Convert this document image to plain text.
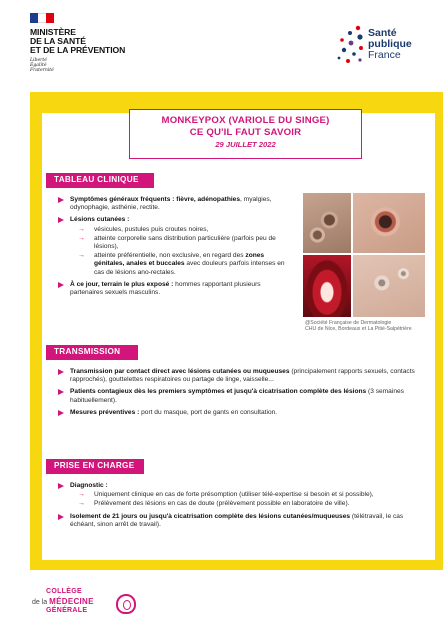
MINISTÈRE
DE LA SANTÉ
ET DE LA PRÉVENTION
Liberté
Égalité
Fraternité
Santé
publique
France
MONKEYPOX (VARIOLE DU SINGE)
CE QU'IL FAUT SAVOIR
29 JUILLET 2022
TABLEAU CLINIQUE
Symptômes généraux fréquents : fièvre, adénopathies, myalgies, odynophagie, asthénie, rectite.
Lésions cutanées :
→ vésicules, pustules puis croutes noires,
→ atteinte corporelle sans distribution particulière (parfois peu de lésions),
→ atteinte préférentielle, non exclusive, en regard des zones génitales, anales et buccales avec douleurs parfois intenses en cas de lésions ano-rectales.
À ce jour, terrain le plus exposé : hommes rapportant plusieurs partenaires sexuels masculins.
@Société Française de Dermatologie
CHU de Nice, Bordeaux et La Pitié-Salpétrière
TRANSMISSION
Transmission par contact direct avec lésions cutanées ou muqueuses (principalement rapports sexuels, contacts rapprochés), gouttelettes respiratoires ou partage de linge, vaisselle...
Patients contagieux dès les premiers symptômes et jusqu'à cicatrisation complète des lésions (3 semaines habituellement).
Mesures préventives : port du masque, port de gants en consultation.
PRISE EN CHARGE
Diagnostic :
→ Uniquement clinique en cas de forte présomption (utiliser télé-expertise si besoin et si possible),
→ Prélèvement des lésions en cas de doute (prélèvement possible en laboratoire de ville).
Isolement de 21 jours ou jusqu'à cicatrisation complète des lésions cutanées/muqueuses (télétravail, le cas échéant, sinon arrêt de travail).
COLLÈGE
de la MÉDECINE
GÉNÉRALE
